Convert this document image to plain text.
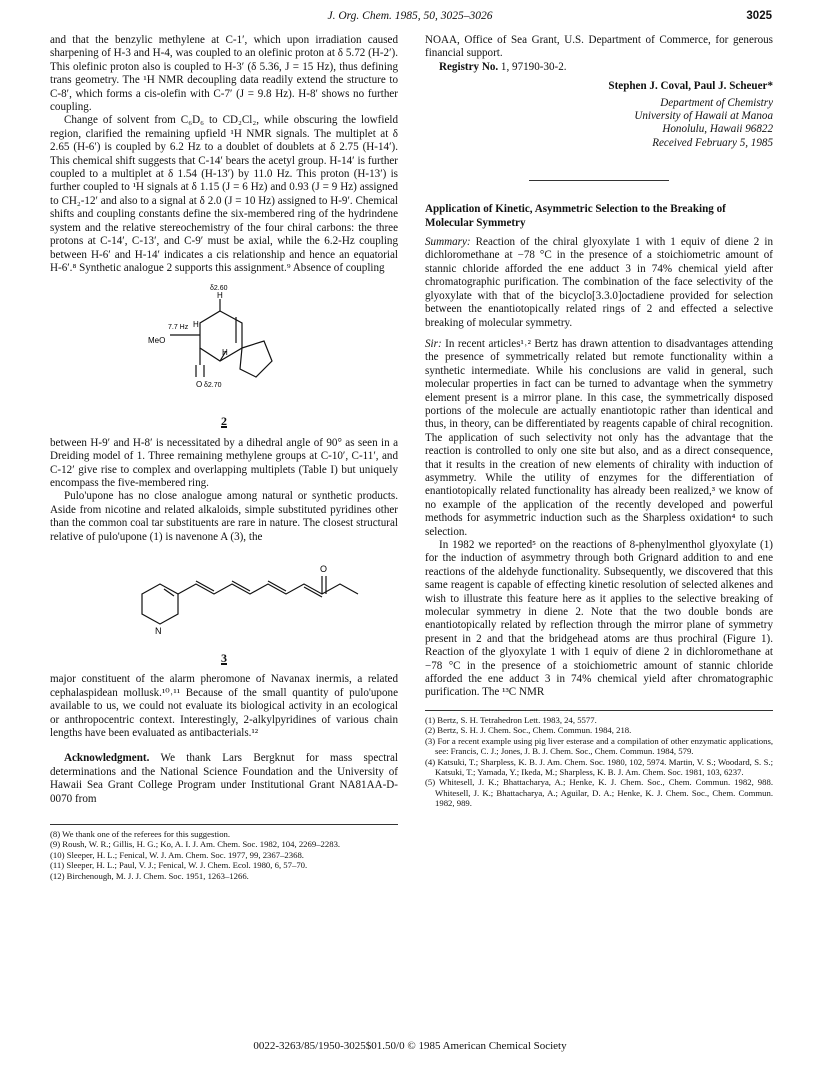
J. Org. Chem. 1985, 50, 3025–3026	3025

and that the benzylic methylene at C-1′, which upon irradiation caused sharpening of H-3 and H-4, was coupled to an olefinic proton at δ 5.72 (H-2′). This olefinic proton also is coupled to H-3′ (δ 5.36, J = 15 Hz), thus defining trans geometry. The ¹H NMR decoupling data readily extend the structure to C-8′, which forms a cis-olefin with C-7′ (J = 9.8 Hz). H-8′ shows no further coupling.

Change of solvent from C₆D₆ to CD₂Cl₂, while obscuring the lowfield region, clarified the remaining upfield ¹H NMR signals. The multiplet at δ 2.65 (H-6′) is coupled by 6.2 Hz to a doublet of doublets at δ 2.75 (H-14′). This chemical shift suggests that C-14′ bears the acetyl group. H-14′ is further coupled to a multiplet at δ 1.54 (H-13′) by 11.0 Hz. This proton (H-13′) is further coupled to ¹H signals at δ 1.15 (J = 6 Hz) and 0.93 (J = 9 Hz) assigned to CH₂-12′ and also to a signal at δ 2.0 (J = 10 Hz) assigned to H-9′. Chemical shifts and coupling constants define the six-membered ring of the hydrindene system and the relative stereochemistry of the four chiral carbons: the three protons at C-14′, C-13′, and C-9′ must be axial, while the 6.2-Hz coupling between H-6′ and H-14′ indicates a cis relationship and hence an equatorial H-6′.⁸ Synthetic analogue 2 supports this assignment.⁹ Absence of coupling

δ2.60
H
7.7 Hz H
MeO
H
O δ2.70
2

between H-9′ and H-8′ is necessitated by a dihedral angle of 90° as seen in a Dreiding model of 1. Three remaining methylene groups at C-10′, C-11′, and C-12′ give rise to complex and overlapping multiplets (Table I) but uniquely encompass the five-membered ring.

Pulo'upone has no close analogue among natural or synthetic products. Aside from nicotine and related alkaloids, simple substituted pyridines other than the common coal tar substituents are rare in nature. The closest structural relative of pulo'upone (1) is navenone A (3), the

N
O
3

major constituent of the alarm pheromone of Navanax inermis, a related cephalaspidean mollusk.¹⁰˒¹¹ Because of the small quantity of pulo'upone available to us, we could not evaluate its biological activity in an ecological or anthropocentric context. Interestingly, 2-alkylpyridines of various chain lengths have been evaluated as antibacterials.¹²

Acknowledgment. We thank Lars Bergknut for mass spectral determinations and the National Science Foundation and the University of Hawaii Sea Grant College Program under Institutional Grant NA81AA-D-0070 from

(8) We thank one of the referees for this suggestion.
(9) Roush, W. R.; Gillis, H. G.; Ko, A. I. J. Am. Chem. Soc. 1982, 104, 2269–2283.
(10) Sleeper, H. L.; Fenical, W. J. Am. Chem. Soc. 1977, 99, 2367–2368.
(11) Sleeper, H. L.; Paul, V. J.; Fenical, W. J. Chem. Ecol. 1980, 6, 57–70.
(12) Birchenough, M. J. J. Chem. Soc. 1951, 1263–1266.

NOAA, Office of Sea Grant, U.S. Department of Commerce, for generous financial support.

Registry No. 1, 97190-30-2.

Stephen J. Coval, Paul J. Scheuer*
Department of Chemistry
University of Hawaii at Manoa
Honolulu, Hawaii 96822
Received February 5, 1985
Application of Kinetic, Asymmetric Selection to the Breaking of Molecular Symmetry

Summary: Reaction of the chiral glyoxylate 1 with 1 equiv of diene 2 in dichloromethane at −78 °C in the presence of a stoichiometric amount of stannic chloride afforded the ene adduct 3 in 74% chemical yield after chromatographic purification. The combination of the face selectivity of the glyoxylate with that of the bicyclo[3.3.0]octadiene provided for selection between the enantiotopically related rings of 2 and effected a selective breaking of molecular symmetry.

Sir: In recent articles¹˒² Bertz has drawn attention to disadvantages attending the presence of symmetrically related but remote functionality within a synthetic intermediate. While his conclusions are valid in general, such molecular properties in fact can be turned to advantage when the symmetry element present is a mirror plane. In this case, the symmetrically disposed portions of the molecule are actually enantiotopic rather than identical and thus, in theory, can be differentiated by reagents capable of chiral recognition. The application of such selectivity not only has the advantage that the reaction is controlled to only one site but also, and as a direct consequence, that it results in the creation of new elements of chirality with induction of asymmetry. While the utility of enzymes for the differentiation of enantiotopically related functionality has already been realized,³ we know of no example of the application of the recently developed and powerful methods for asymmetric induction such as the Sharpless oxidation⁴ to such selection.

In 1982 we reported⁵ on the reactions of 8-phenylmenthol glyoxylate (1) for the induction of asymmetry through both Grignard addition to and ene reactions of the aldehyde functionality. Subsequently, we discovered that this same reagent is capable of effecting kinetic resolution of selected alkenes and wish to illustrate this feature here as it applies to the selective breaking of molecular symmetry in diene 2. Note that the two double bonds are enantiotopically related by reflection through the mirror plane of symmetry present in 2 and that the bridgehead atoms are thus prochiral (Figure 1). Reaction of the glyoxylate 1 with 1 equiv of diene 2 in dichloromethane at −78 °C in the presence of a stoichiometric amount of stannic chloride afforded the ene adduct 3 in 74% chemical yield after chromatographic purification. The ¹³C NMR

(1) Bertz, S. H. Tetrahedron Lett. 1983, 24, 5577.
(2) Bertz, S. H. J. Chem. Soc., Chem. Commun. 1984, 218.
(3) For a recent example using pig liver esterase and a compilation of other enzymatic applications, see: Francis, C. J.; Jones, J. B. J. Chem. Soc., Chem. Commun. 1984, 579.
(4) Katsuki, T.; Sharpless, K. B. J. Am. Chem. Soc. 1980, 102, 5974. Martin, V. S.; Woodard, S. S.; Katsuki, T.; Yamada, Y.; Ikeda, M.; Sharpless, K. B. J. Am. Chem. Soc. 1981, 103, 6237.
(5) Whitesell, J. K.; Bhattacharya, A.; Henke, K. J. Chem. Soc., Chem. Commun. 1982, 988. Whitesell, J. K.; Bhattacharya, A.; Aguilar, D. A.; Henke, K. J. Chem. Soc., Chem. Commun. 1982, 989.
0022-3263/85/1950-3025$01.50/0 © 1985 American Chemical Society
